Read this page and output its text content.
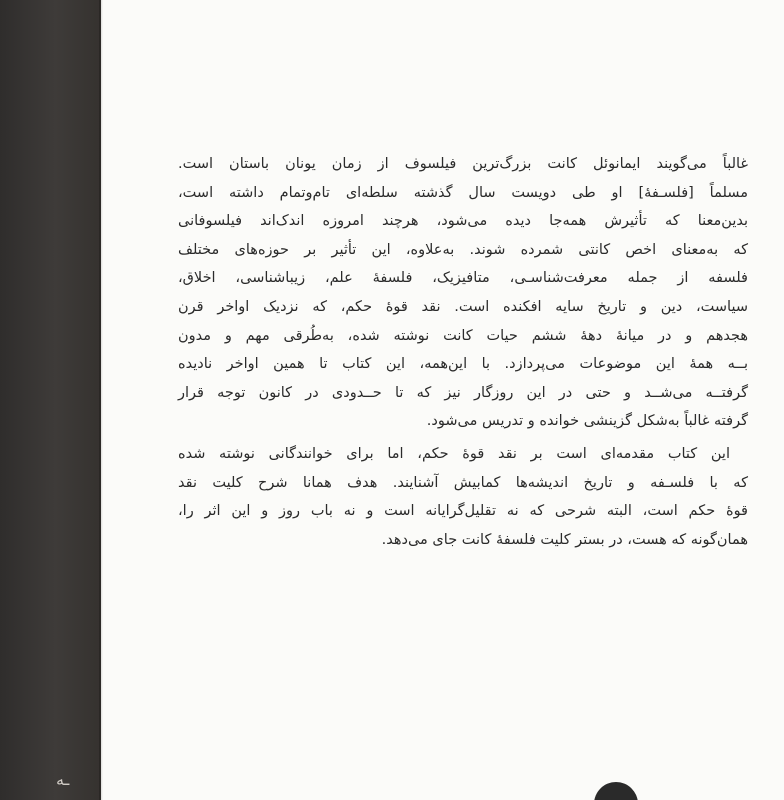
غالباً می‌گویند ایمانوئل کانت بزرگ‌ترین فیلسوف از زمان یونان باستان است.
مسلماً [فلسـفهٔ] او طی دویست سال گذشته سلطه‌ای تام‌وتمام داشته است،
بدین‌معنا که تأثیرش همه‌جا دیده می‌شود، هرچند امروزه اندک‌اند فیلسوفانی
که به‌معنای اخص کانتی شمرده شوند. به‌علاوه، این تأثیر بر حوزه‌های مختلف
فلسفه از جمله معرفت‌شناسـی، متافیزیک، فلسفهٔ علم، زیباشناسی، اخلاق،
سیاست، دین و تاریخ سایه افکنده است. نقد قوهٔ حکم، که نزدیک اواخر قرن
هجدهم و در میانهٔ دههٔ ششم حیات کانت نوشته شده، به‌طُرقی مهم و مدون
بــه همهٔ این موضوعات می‌پردازد. با این‌همه، این کتاب تا همین اواخر نادیده
گرفتــه می‌شــد و حتی در این روزگار نیز که تا حــدودی در کانون توجه قرار
گرفته غالباً به‌شکل گزینشی خوانده و تدریس می‌شود.
این کتاب مقدمه‌ای است بر نقد قوهٔ حکم، اما برای خوانندگانی نوشته شده
که با فلسـفه و تاریخ اندیشه‌ها کمابیش آشنایند. هدف همانا شرح کلیت نقد
قوهٔ حکم است، البته شرحی که نه تقلیل‌گرایانه است و نه باب روز و این اثر را،
همان‌گونه که هست، در بستر کلیت فلسفهٔ کانت جای می‌دهد.
ـه
